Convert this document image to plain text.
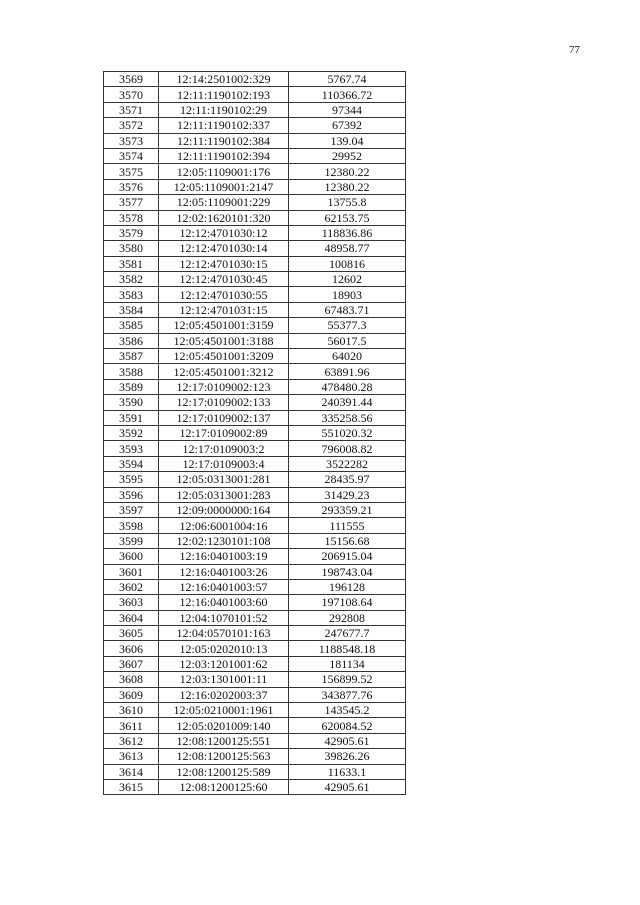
77
3569	12:14:2501002:329	5767.74
3570	12:11:1190102:193	110366.72
3571	12:11:1190102:29	97344
3572	12:11:1190102:337	67392
3573	12:11:1190102:384	139.04
3574	12:11:1190102:394	29952
3575	12:05:1109001:176	12380.22
3576	12:05:1109001:2147	12380.22
3577	12:05:1109001:229	13755.8
3578	12:02:1620101:320	62153.75
3579	12:12:4701030:12	118836.86
3580	12:12:4701030:14	48958.77
3581	12:12:4701030:15	100816
3582	12:12:4701030:45	12602
3583	12:12:4701030:55	18903
3584	12:12:4701031:15	67483.71
3585	12:05:4501001:3159	55377.3
3586	12:05:4501001:3188	56017.5
3587	12:05:4501001:3209	64020
3588	12:05:4501001:3212	63891.96
3589	12:17:0109002:123	478480.28
3590	12:17:0109002:133	240391.44
3591	12:17:0109002:137	335258.56
3592	12:17:0109002:89	551020.32
3593	12:17:0109003:2	796008.82
3594	12:17:0109003:4	3522282
3595	12:05:0313001:281	28435.97
3596	12:05:0313001:283	31429.23
3597	12:09:0000000:164	293359.21
3598	12:06:6001004:16	111555
3599	12:02:1230101:108	15156.68
3600	12:16:0401003:19	206915.04
3601	12:16:0401003:26	198743.04
3602	12:16:0401003:57	196128
3603	12:16:0401003:60	197108.64
3604	12:04:1070101:52	292808
3605	12:04:0570101:163	247677.7
3606	12:05:0202010:13	1188548.18
3607	12:03:1201001:62	181134
3608	12:03:1301001:11	156899.52
3609	12:16:0202003:37	343877.76
3610	12:05:0210001:1961	143545.2
3611	12:05:0201009:140	620084.52
3612	12:08:1200125:551	42905.61
3613	12:08:1200125:563	39826.26
3614	12:08:1200125:589	11633.1
3615	12:08:1200125:60	42905.61
